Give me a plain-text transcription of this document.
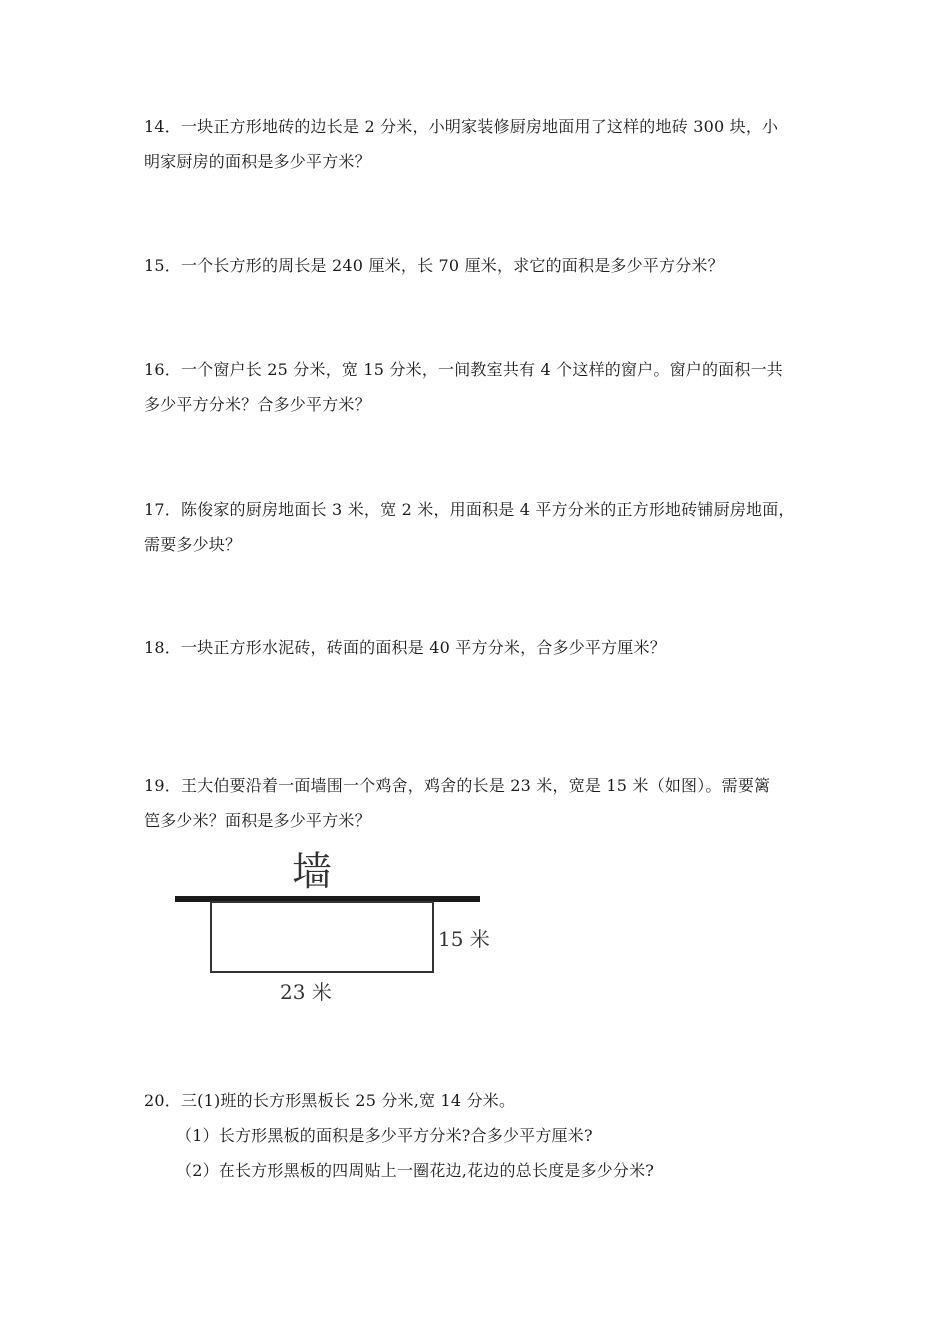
14．一块正方形地砖的边长是 2 分米，小明家装修厨房地面用了这样的地砖 300 块，小

明家厨房的面积是多少平方米？

15．一个长方形的周长是 240 厘米，长 70 厘米，求它的面积是多少平方分米？

16．一个窗户长 25 分米，宽 15 分米，一间教室共有 4 个这样的窗户。窗户的面积一共

多少平方分米？合多少平方米？

17．陈俊家的厨房地面长 3 米，宽 2 米，用面积是 4 平方分米的正方形地砖铺厨房地面，

需要多少块？

18．一块正方形水泥砖，砖面的面积是 40 平方分米，合多少平方厘米？

19．王大伯要沿着一面墙围一个鸡舍，鸡舍的长是 23 米，宽是 15 米（如图）。需要篱

笆多少米？面积是多少平方米？

墙
15 米
23 米

20．三(1)班的长方形黑板长 25 分米,宽 14 分米。

（1）长方形黑板的面积是多少平方分米?合多少平方厘米?

（2）在长方形黑板的四周贴上一圈花边,花边的总长度是多少分米?
